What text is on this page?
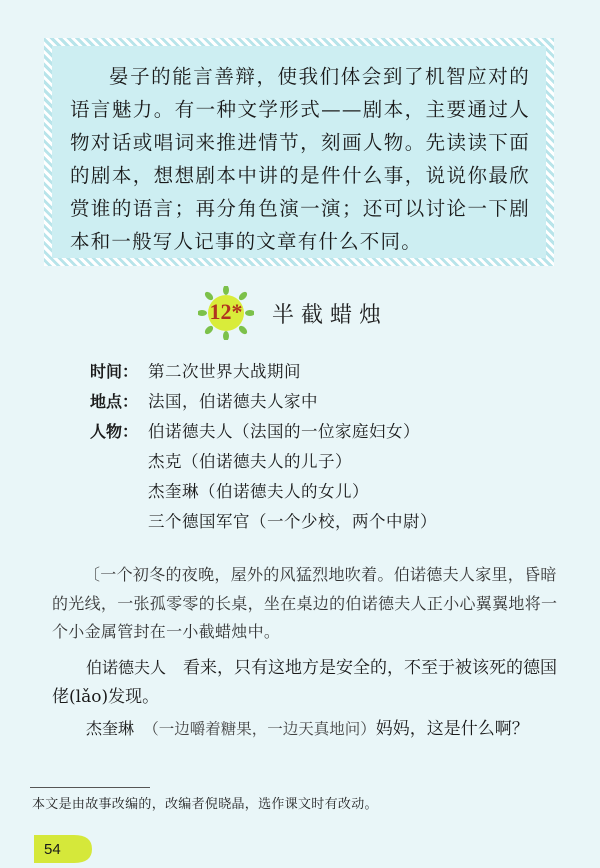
晏子的能言善辩，使我们体会到了机智应对的语言魅力。有一种文学形式——剧本，主要通过人物对话或唱词来推进情节，刻画人物。先读读下面的剧本，想想剧本中讲的是件什么事，说说你最欣赏谁的语言；再分角色演一演；还可以讨论一下剧本和一般写人记事的文章有什么不同。

12*	半截蜡烛
时间： 第二次世界大战期间
地点： 法国，伯诺德夫人家中
人物： 伯诺德夫人（法国的一位家庭妇女）
杰克（伯诺德夫人的儿子）
杰奎琳（伯诺德夫人的女儿）
三个德国军官（一个少校，两个中尉）

〔一个初冬的夜晚，屋外的风猛烈地吹着。伯诺德夫人家里，昏暗的光线，一张孤零零的长桌，坐在桌边的伯诺德夫人正小心翼翼地将一个小金属管封在一小截蜡烛中。

伯诺德夫人　 看来，只有这地方是安全的，不至于被该死的德国佬(lǎo)发现。

杰奎琳　 （一边嚼着糖果，一边天真地问）妈妈，这是什么啊？

本文是由故事改编的，改编者倪晓晶，选作课文时有改动。
54
